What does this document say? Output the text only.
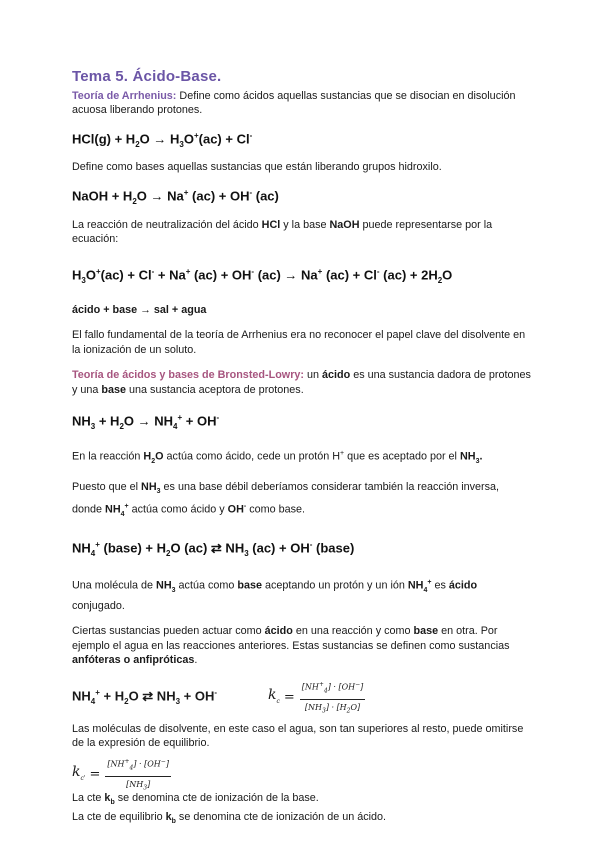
Tema 5. Ácido-Base.

Teoría de Arrhenius: Define como ácidos aquellas sustancias que se disocian en disolución acuosa liberando protones.

$HCl(g) + H_2O \to H_3O^+(ac) + Cl^-$

Define como bases aquellas sustancias que están liberando grupos hidroxilo.

NaOH + $H_2O \to Na^+$ (ac) + OH- (ac)

La reacción de neutralización del ácido HCl y la base NaOH puede representarse por la ecuación:

$H_3O^+(ac) + Cl^- + Na^+$ (ac) + OH- (ac) → Na+ (ac) + Cl- $(ac) + 2H_2O$

ácido + base → sal + agua

El fallo fundamental de la teoría de Arrhenius era no reconocer el papel clave del disolvente en la ionización de un soluto.

Teoría de ácidos y bases de Bronsted-Lowry: un ácido es una sustancia dadora de protones y una base una sustancia aceptora de protones.

$NH_3 + H_2O \to NH_4^+ + OH^-$

En la reacción $H_2O$ actúa como ácido, cede un protón H+ que es aceptado por el $NH_3$.

Puesto que el $NH_3$ es una base débil deberíamos considerar también la reacción inversa, donde $NH_4^+$ actúa como ácido y OH- como base.

$NH_4^+$ (base) + $H_2O$ (ac) ⇄ $NH_3$ (ac) + OH- (base)

Una molécula de $NH_3$ actúa como base aceptando un protón y un ión $NH_4^+$ es ácido conjugado.

Ciertas sustancias pueden actuar como ácido en una reacción y como base en otra. Por ejemplo el agua en las reacciones anteriores. Estas sustancias se definen como sustancias anfóteras o anfipróticas.

$NH_4^+ + H_2O$ ⇄ $NH_3 + OH^-$	$k_c = \frac{[NH^+_4] \cdot [OH^-]}{[NH_3] \cdot [H_2O]}$

Las moléculas de disolvente, en este caso el agua, son tan superiores al resto, puede omitirse de la expresión de equilibrio.

$k_{c'} = \frac{[NH^+_4] \cdot [OH^-]}{[NH_3]}$

La cte $k_b$ se denomina cte de ionización de la base.

La cte de equilibrio $k_b$ se denomina cte de ionización de un ácido.
